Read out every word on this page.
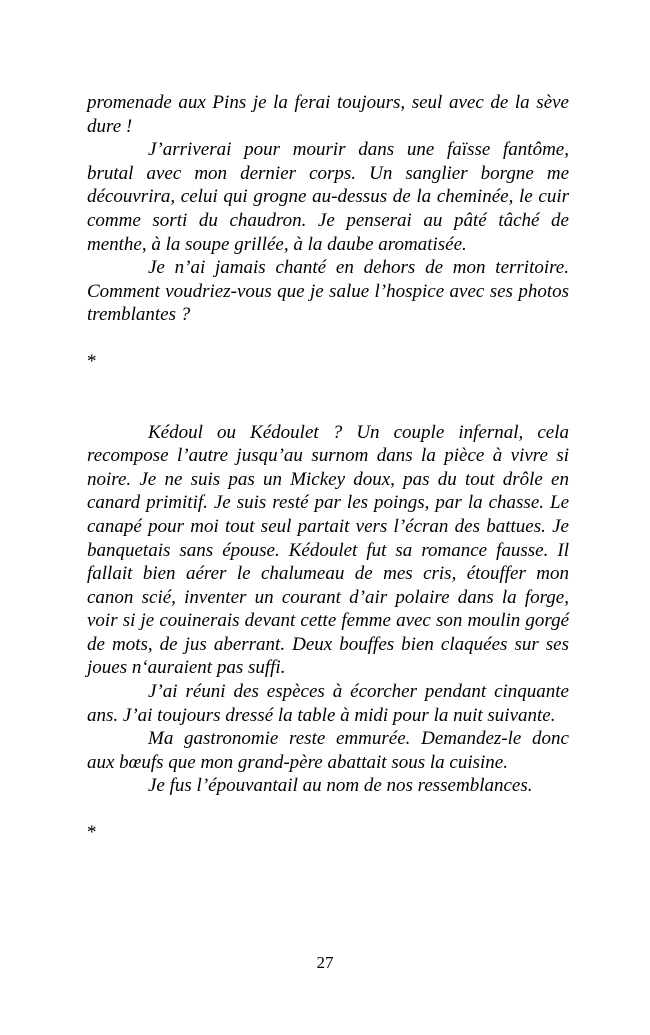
promenade aux Pins je la ferai toujours, seul avec de la sève dure !

J’arriverai pour mourir dans une faïsse fantôme, brutal avec mon dernier corps. Un sanglier borgne me découvrira, celui qui grogne au-dessus de la cheminée, le cuir comme sorti du chaudron. Je penserai au pâté tâché de menthe, à la soupe grillée, à la daube aromatisée.

Je n’ai jamais chanté en dehors de mon territoire. Comment voudriez-vous que je salue l’hospice avec ses photos tremblantes ?

*

Kédoul ou Kédoulet ? Un couple infernal, cela recompose l’autre jusqu’au surnom dans la pièce à vivre si noire. Je ne suis pas un Mickey doux, pas du tout drôle en canard primitif. Je suis resté par les poings, par la chasse. Le canapé pour moi tout seul partait vers l’écran des battues. Je banquetais sans épouse. Kédoulet fut sa romance fausse. Il fallait bien aérer le chalumeau de mes cris, étouffer mon canon scié, inventer un courant d’air polaire dans la forge, voir si je couinerais devant cette femme avec son moulin gorgé de mots, de jus aberrant. Deux bouffes bien claquées sur ses joues n‘auraient pas suffi.

J’ai réuni des espèces à écorcher pendant cinquante ans. J’ai toujours dressé la table à midi pour la nuit suivante.

Ma gastronomie reste emmurée. Demandez-le donc aux bœufs que mon grand-père abattait sous la cuisine.

Je fus l’épouvantail au nom de nos ressemblances.

*
27
